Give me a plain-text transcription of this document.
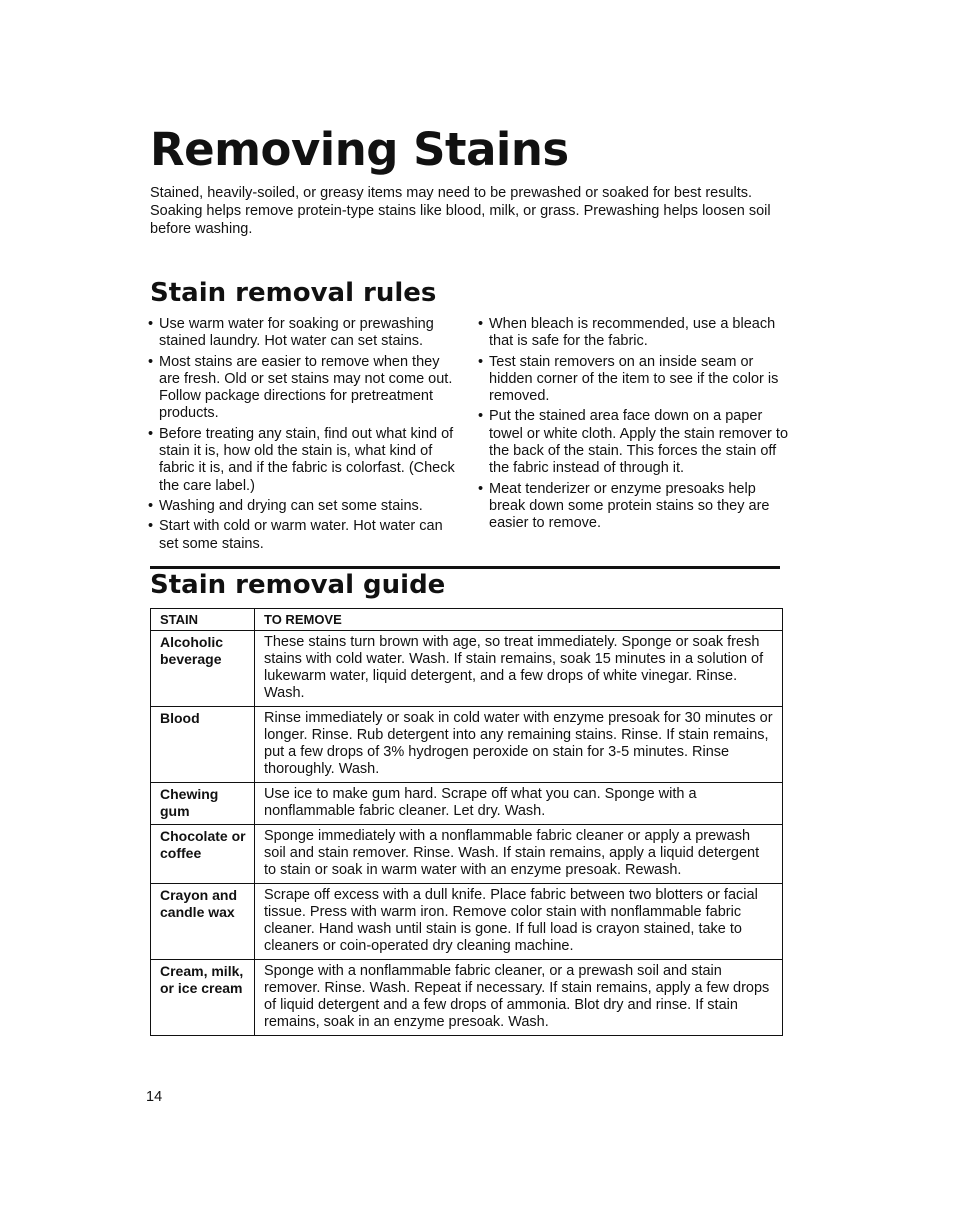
Removing Stains

Stained, heavily-soiled, or greasy items may need to be prewashed or soaked for best results. Soaking helps remove protein-type stains like blood, milk, or grass. Prewashing helps loosen soil before washing.

Stain removal rules
• Use warm water for soaking or prewashing stained laundry. Hot water can set stains.
• Most stains are easier to remove when they are fresh. Old or set stains may not come out. Follow package directions for pretreatment products.
• Before treating any stain, find out what kind of stain it is, how old the stain is, what kind of fabric it is, and if the fabric is colorfast. (Check the care label.)
• Washing and drying can set some stains.
• Start with cold or warm water. Hot water can set some stains.
• When bleach is recommended, use a bleach that is safe for the fabric.
• Test stain removers on an inside seam or hidden corner of the item to see if the color is removed.
• Put the stained area face down on a paper towel or white cloth. Apply the stain remover to the back of the stain. This forces the stain off the fabric instead of through it.
• Meat tenderizer or enzyme presoaks help break down some protein stains so they are easier to remove.
Stain removal guide
STAIN	TO REMOVE
Alcoholic beverage	These stains turn brown with age, so treat immediately. Sponge or soak fresh stains with cold water. Wash. If stain remains, soak 15 minutes in a solution of lukewarm water, liquid detergent, and a few drops of white vinegar. Rinse. Wash.
Blood	Rinse immediately or soak in cold water with enzyme presoak for 30 minutes or longer. Rinse. Rub detergent into any remaining stains. Rinse. If stain remains, put a few drops of 3% hydrogen peroxide on stain for 3-5 minutes. Rinse thoroughly. Wash.
Chewing gum	Use ice to make gum hard. Scrape off what you can. Sponge with a nonflammable fabric cleaner. Let dry. Wash.
Chocolate or coffee	Sponge immediately with a nonflammable fabric cleaner or apply a prewash soil and stain remover. Rinse. Wash. If stain remains, apply a liquid detergent to stain or soak in warm water with an enzyme presoak. Rewash.
Crayon and candle wax	Scrape off excess with a dull knife. Place fabric between two blotters or facial tissue. Press with warm iron. Remove color stain with nonflammable fabric cleaner. Hand wash until stain is gone. If full load is crayon stained, take to cleaners or coin-operated dry cleaning machine.
Cream, milk, or ice cream	Sponge with a nonflammable fabric cleaner, or a prewash soil and stain remover. Rinse. Wash. Repeat if necessary. If stain remains, apply a few drops of liquid detergent and a few drops of ammonia. Blot dry and rinse. If stain remains, soak in an enzyme presoak. Wash.
14
